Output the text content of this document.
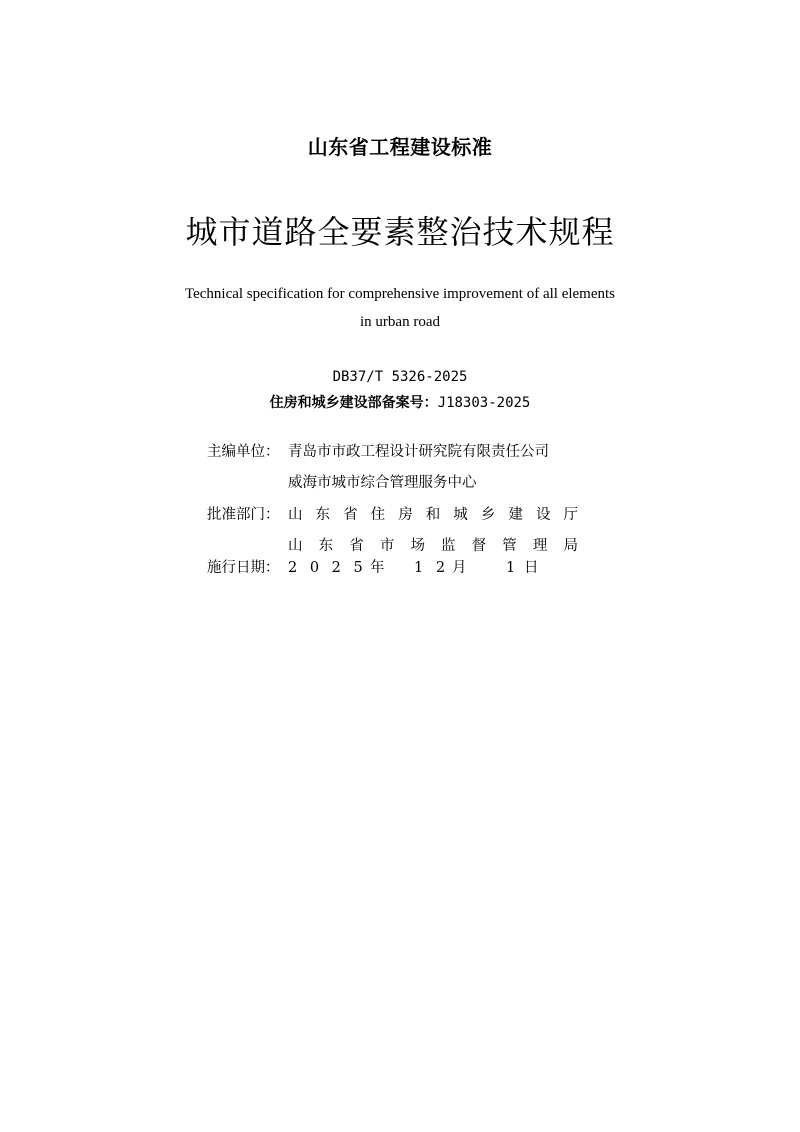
山东省工程建设标准
城市道路全要素整治技术规程
Technical specification for comprehensive improvement of all elements
in urban road
DB37/T 5326-2025
住房和城乡建设部备案号：J18303-2025
主编单位： 青岛市市政工程设计研究院有限责任公司
威海市城市综合管理服务中心
批准部门： 山东省住房和城乡建设厅
山东省市场监督管理局
施行日期： 2 0 2 5 年 1 2 月	1 日
